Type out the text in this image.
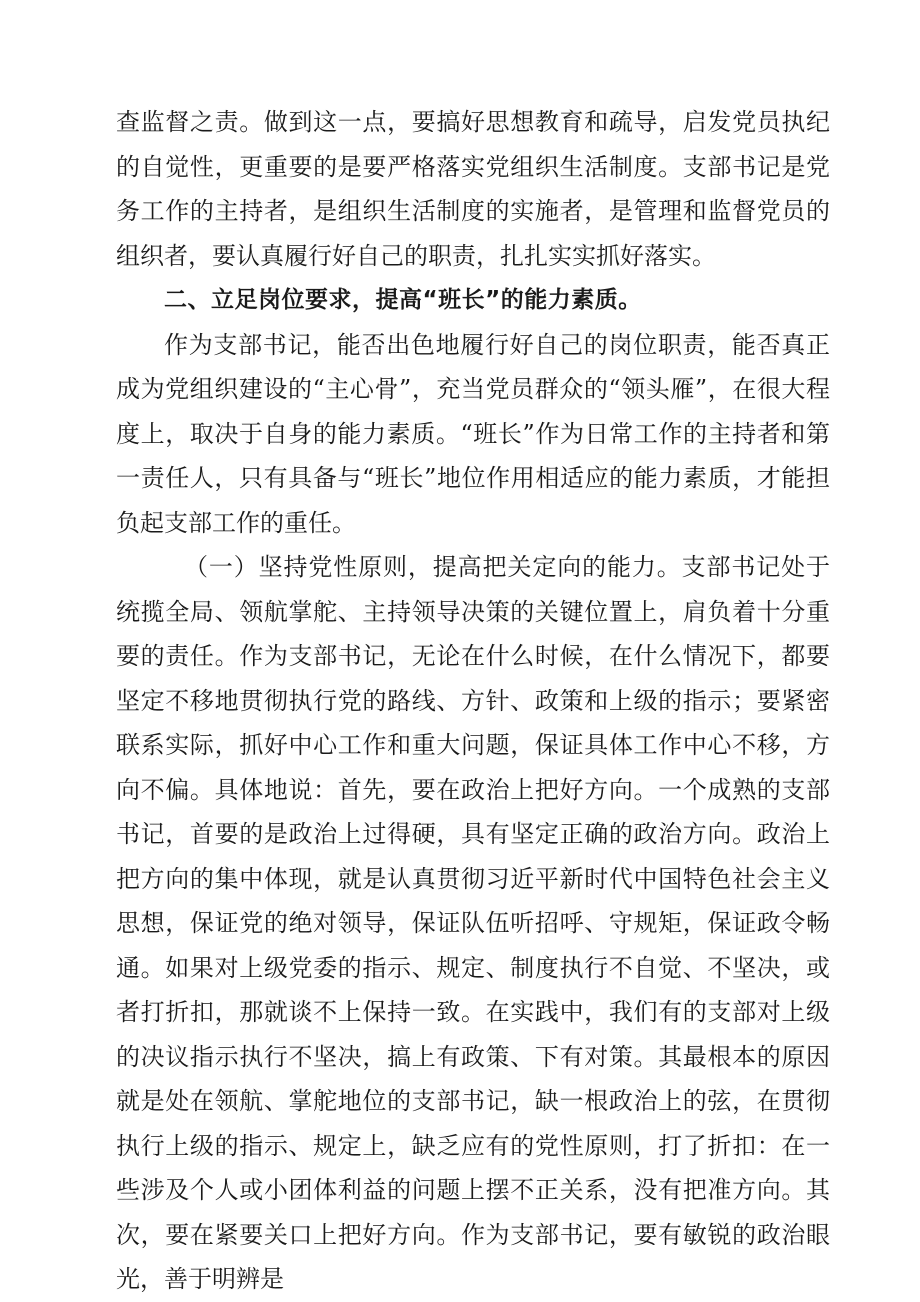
查监督之责。做到这一点，要搞好思想教育和疏导，启发党员执纪的自觉性，更重要的是要严格落实党组织生活制度。支部书记是党务工作的主持者，是组织生活制度的实施者，是管理和监督党员的组织者，要认真履行好自己的职责，扎扎实实抓好落实。

二、立足岗位要求，提高“班长”的能力素质。

作为支部书记，能否出色地履行好自己的岗位职责，能否真正成为党组织建设的“主心骨”，充当党员群众的“领头雁”，在很大程度上，取决于自身的能力素质。“班长”作为日常工作的主持者和第一责任人，只有具备与“班长”地位作用相适应的能力素质，才能担负起支部工作的重任。

（一）坚持党性原则，提高把关定向的能力。支部书记处于统揽全局、领航掌舵、主持领导决策的关键位置上，肩负着十分重要的责任。作为支部书记，无论在什么时候，在什么情况下，都要坚定不移地贯彻执行党的路线、方针、政策和上级的指示；要紧密联系实际，抓好中心工作和重大问题，保证具体工作中心不移，方向不偏。具体地说：首先，要在政治上把好方向。一个成熟的支部书记，首要的是政治上过得硬，具有坚定正确的政治方向。政治上把方向的集中体现，就是认真贯彻习近平新时代中国特色社会主义思想，保证党的绝对领导，保证队伍听招呼、守规矩，保证政令畅通。如果对上级党委的指示、规定、制度执行不自觉、不坚决，或者打折扣，那就谈不上保持一致。在实践中，我们有的支部对上级的决议指示执行不坚决，搞上有政策、下有对策。其最根本的原因就是处在领航、掌舵地位的支部书记，缺一根政治上的弦，在贯彻执行上级的指示、规定上，缺乏应有的党性原则，打了折扣：在一些涉及个人或小团体利益的问题上摆不正关系，没有把准方向。其次，要在紧要关口上把好方向。作为支部书记，要有敏锐的政治眼光，善于明辨是
